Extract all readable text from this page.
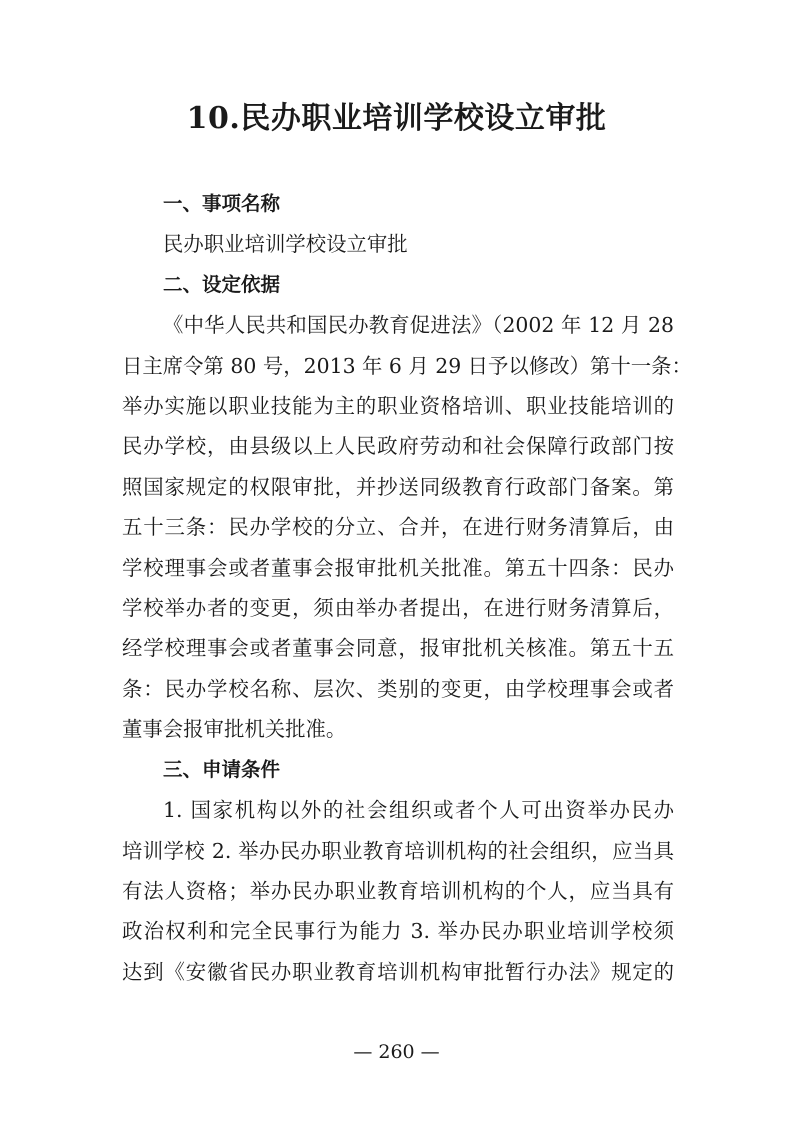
10.民办职业培训学校设立审批

一、事项名称

民办职业培训学校设立审批

二、设定依据

《中华人民共和国民办教育促进法》（2002 年 12 月 28
日主席令第 80 号，2013 年 6 月 29 日予以修改）第十一条：
举办实施以职业技能为主的职业资格培训、职业技能培训的
民办学校，由县级以上人民政府劳动和社会保障行政部门按
照国家规定的权限审批，并抄送同级教育行政部门备案。第
五十三条：民办学校的分立、合并，在进行财务清算后，由
学校理事会或者董事会报审批机关批准。第五十四条：民办
学校举办者的变更，须由举办者提出，在进行财务清算后，
经学校理事会或者董事会同意，报审批机关核准。第五十五
条：民办学校名称、层次、类别的变更，由学校理事会或者
董事会报审批机关批准。

三、申请条件

1. 国家机构以外的社会组织或者个人可出资举办民办
培训学校 2. 举办民办职业教育培训机构的社会组织，应当具
有法人资格；举办民办职业教育培训机构的个人，应当具有
政治权利和完全民事行为能力 3. 举办民办职业培训学校须
达到《安徽省民办职业教育培训机构审批暂行办法》规定的
— 260 —
